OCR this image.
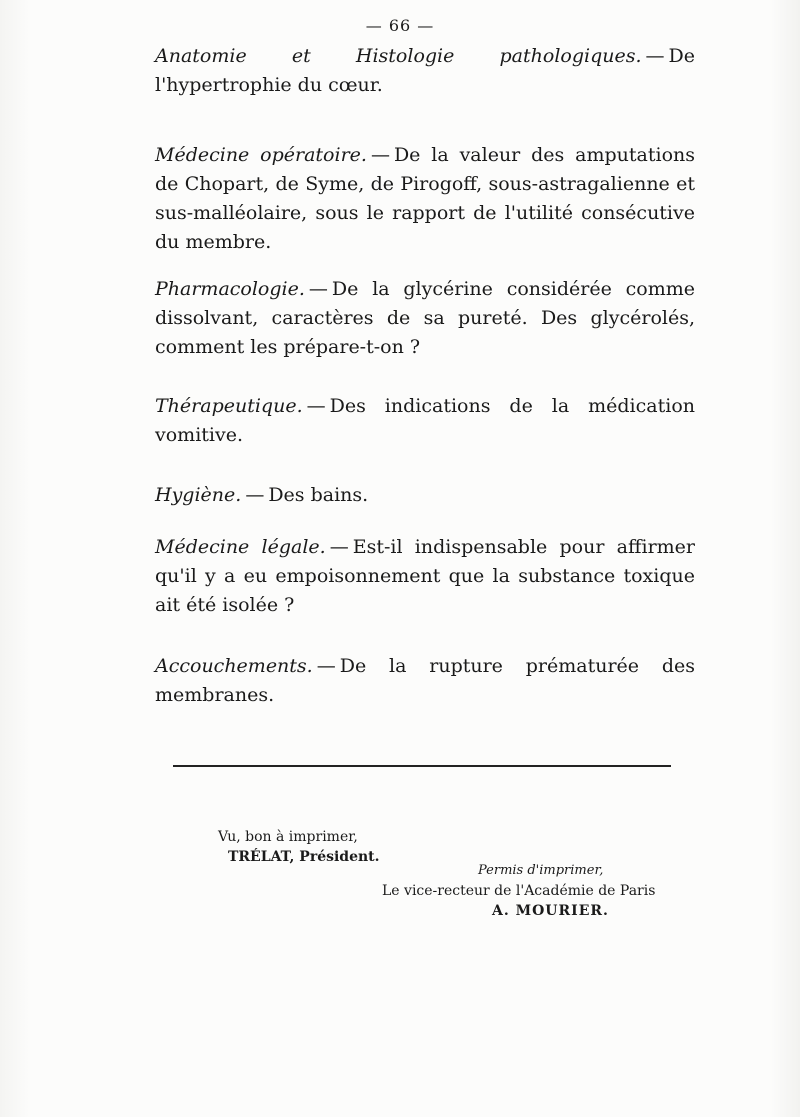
— 66 —
Anatomie et Histologie pathologiques. — De l'hypertrophie du cœur.
Médecine opératoire. — De la valeur des amputations de Chopart, de Syme, de Pirogoff, sous-astragalienne et sus-malléolaire, sous le rapport de l'utilité consécutive du membre.
Pharmacologie. — De la glycérine considérée comme dissolvant, caractères de sa pureté. Des glycérolés, comment les prépare-t-on ?
Thérapeutique. — Des indications de la médication vomitive.
Hygiène. — Des bains.
Médecine légale. — Est-il indispensable pour affirmer qu'il y a eu empoisonnement que la substance toxique ait été isolée ?
Accouchements. — De la rupture prématurée des membranes.
Vu, bon à imprimer,
TRÉLAT, Président.
Permis d'imprimer,
Le vice-recteur de l'Académie de Paris
A. MOURIER.
